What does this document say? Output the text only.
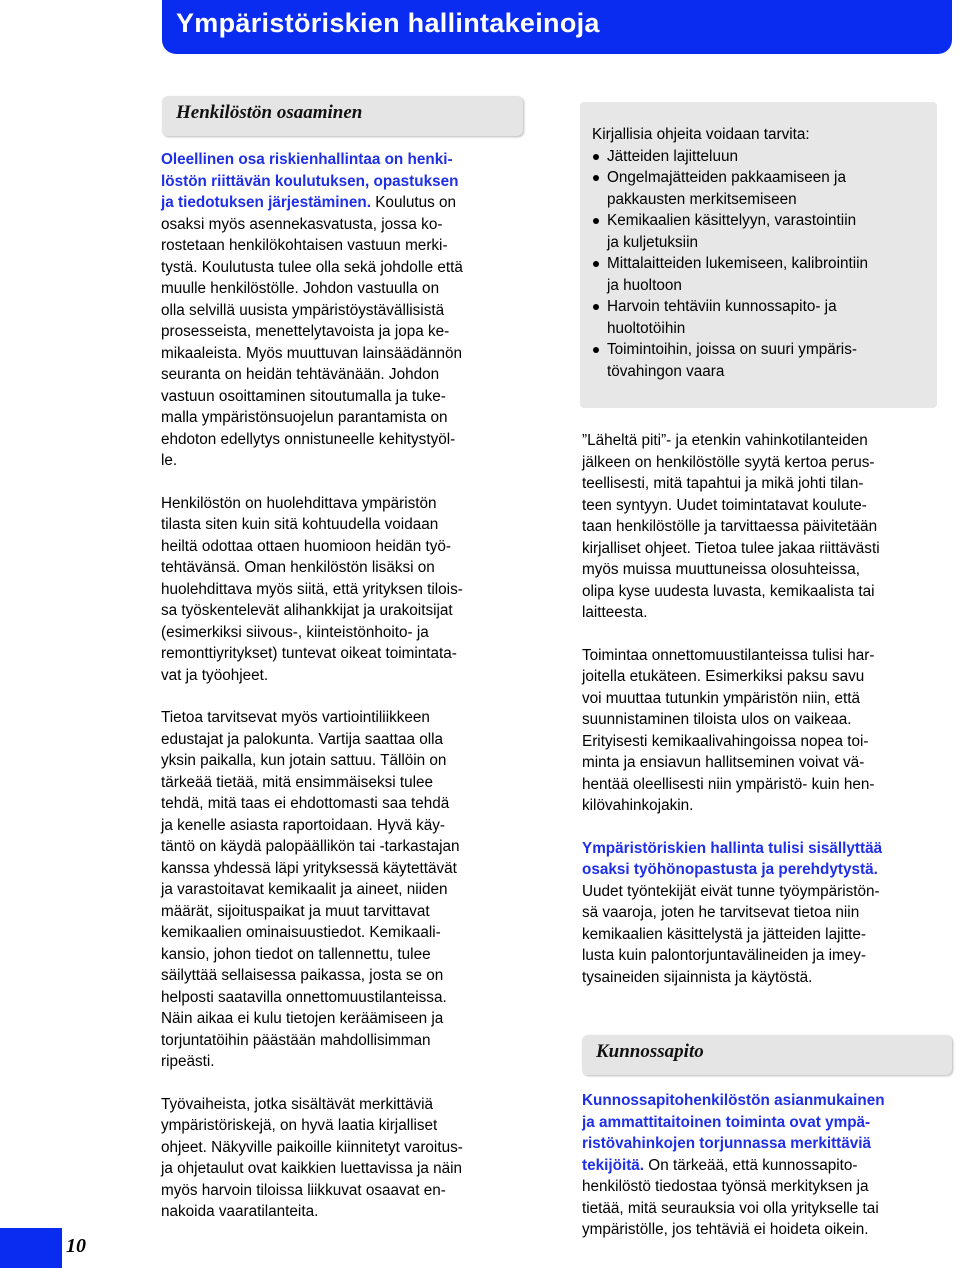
Ympäristöriskien hallintakeinoja
Henkilöstön osaaminen
Oleellinen osa riskienhallintaa on henki-
löstön riittävän koulutuksen, opastuksen
ja tiedotuksen järjestäminen. Koulutus on
osaksi myös asennekasvatusta, jossa ko-
rostetaan henkilökohtaisen vastuun merki-
tystä. Koulutusta tulee olla sekä johdolle että
muulle henkilöstölle. Johdon vastuulla on
olla selvillä uusista ympäristöystävällisistä
prosesseista, menettelytavoista ja jopa ke-
mikaaleista. Myös muuttuvan lainsäädännön
seuranta on heidän tehtävänään. Johdon
vastuun osoittaminen sitoutumalla ja tuke-
malla ympäristönsuojelun parantamista on
ehdoton edellytys onnistuneelle kehitystyöl-
le.
Henkilöstön on huolehdittava ympäristön
tilasta siten kuin sitä kohtuudella voidaan
heiltä odottaa ottaen huomioon heidän työ-
tehtävänsä. Oman henkilöstön lisäksi on
huolehdittava myös siitä, että yrityksen tilois-
sa työskentelevät alihankkijat ja urakoitsijat
(esimerkiksi siivous-, kiinteistönhoito- ja
remonttiyritykset) tuntevat oikeat toimintata-
vat ja työohjeet.
Tietoa tarvitsevat myös vartiointiliikkeen
edustajat ja palokunta. Vartija saattaa olla
yksin paikalla, kun jotain sattuu. Tällöin on
tärkeää tietää, mitä ensimmäiseksi tulee
tehdä, mitä taas ei ehdottomasti saa tehdä
ja kenelle asiasta raportoidaan. Hyvä käy-
täntö on käydä palopäällikön tai -tarkastajan
kanssa yhdessä läpi yrityksessä käytettävät
ja varastoitavat kemikaalit ja aineet, niiden
määrät, sijoituspaikat ja muut tarvittavat
kemikaalien ominaisuustiedot. Kemikaali-
kansio, johon tiedot on tallennettu, tulee
säilyttää sellaisessa paikassa, josta se on
helposti saatavilla onnettomuustilanteissa.
Näin aikaa ei kulu tietojen keräämiseen ja
torjuntatöihin päästään mahdollisimman
ripeästi.
Työvaiheista, jotka sisältävät merkittäviä
ympäristöriskejä, on hyvä laatia kirjalliset
ohjeet. Näkyville paikoille kiinnitetyt varoitus-
ja ohjetaulut ovat kaikkien luettavissa ja näin
myös harvoin tiloissa liikkuvat osaavat en-
nakoida vaaratilanteita.

Kirjallisia ohjeita voidaan tarvita:

Jätteiden lajitteluun
Ongelmajätteiden pakkaamiseen ja
pakkausten merkitsemiseen
Kemikaalien käsittelyyn, varastointiin
ja kuljetuksiin
Mittalaitteiden lukemiseen, kalibrointiin
ja huoltoon
Harvoin tehtäviin kunnossapito- ja
huoltotöihin
Toimintoihin, joissa on suuri ympäris-
tövahingon vaara
”Läheltä piti”- ja etenkin vahinkotilanteiden
jälkeen on henkilöstölle syytä kertoa perus-
teellisesti, mitä tapahtui ja mikä johti tilan-
teen syntyyn. Uudet toimintatavat koulute-
taan henkilöstölle ja tarvittaessa päivitetään
kirjalliset ohjeet. Tietoa tulee jakaa riittävästi
myös muissa muuttuneissa olosuhteissa,
olipa kyse uudesta luvasta, kemikaalista tai
laitteesta.
Toimintaa onnettomuustilanteissa tulisi har-
joitella etukäteen. Esimerkiksi paksu savu
voi muuttaa tutunkin ympäristön niin, että
suunnistaminen tiloista ulos on vaikeaa.
Erityisesti kemikaalivahingoissa nopea toi-
minta ja ensiavun hallitseminen voivat vä-
hentää oleellisesti niin ympäristö- kuin hen-
kilövahinkojakin.
Ympäristöriskien hallinta tulisi sisällyttää
osaksi työhönopastusta ja perehdytystä.
Uudet työntekijät eivät tunne työympäristön-
sä vaaroja, joten he tarvitsevat tietoa niin
kemikaalien käsittelystä ja jätteiden lajitte-
lusta kuin palontorjuntavälineiden ja imey-
tysaineiden sijainnista ja käytöstä.
Kunnossapito
Kunnossapitohenkilöstön asianmukainen
ja ammattitaitoinen toiminta ovat ympä-
ristövahinkojen torjunnassa merkittäviä
tekijöitä. On tärkeää, että kunnossapito-
henkilöstö tiedostaa työnsä merkityksen ja
tietää, mitä seurauksia voi olla yritykselle tai
ympäristölle, jos tehtäviä ei hoideta oikein.
10
